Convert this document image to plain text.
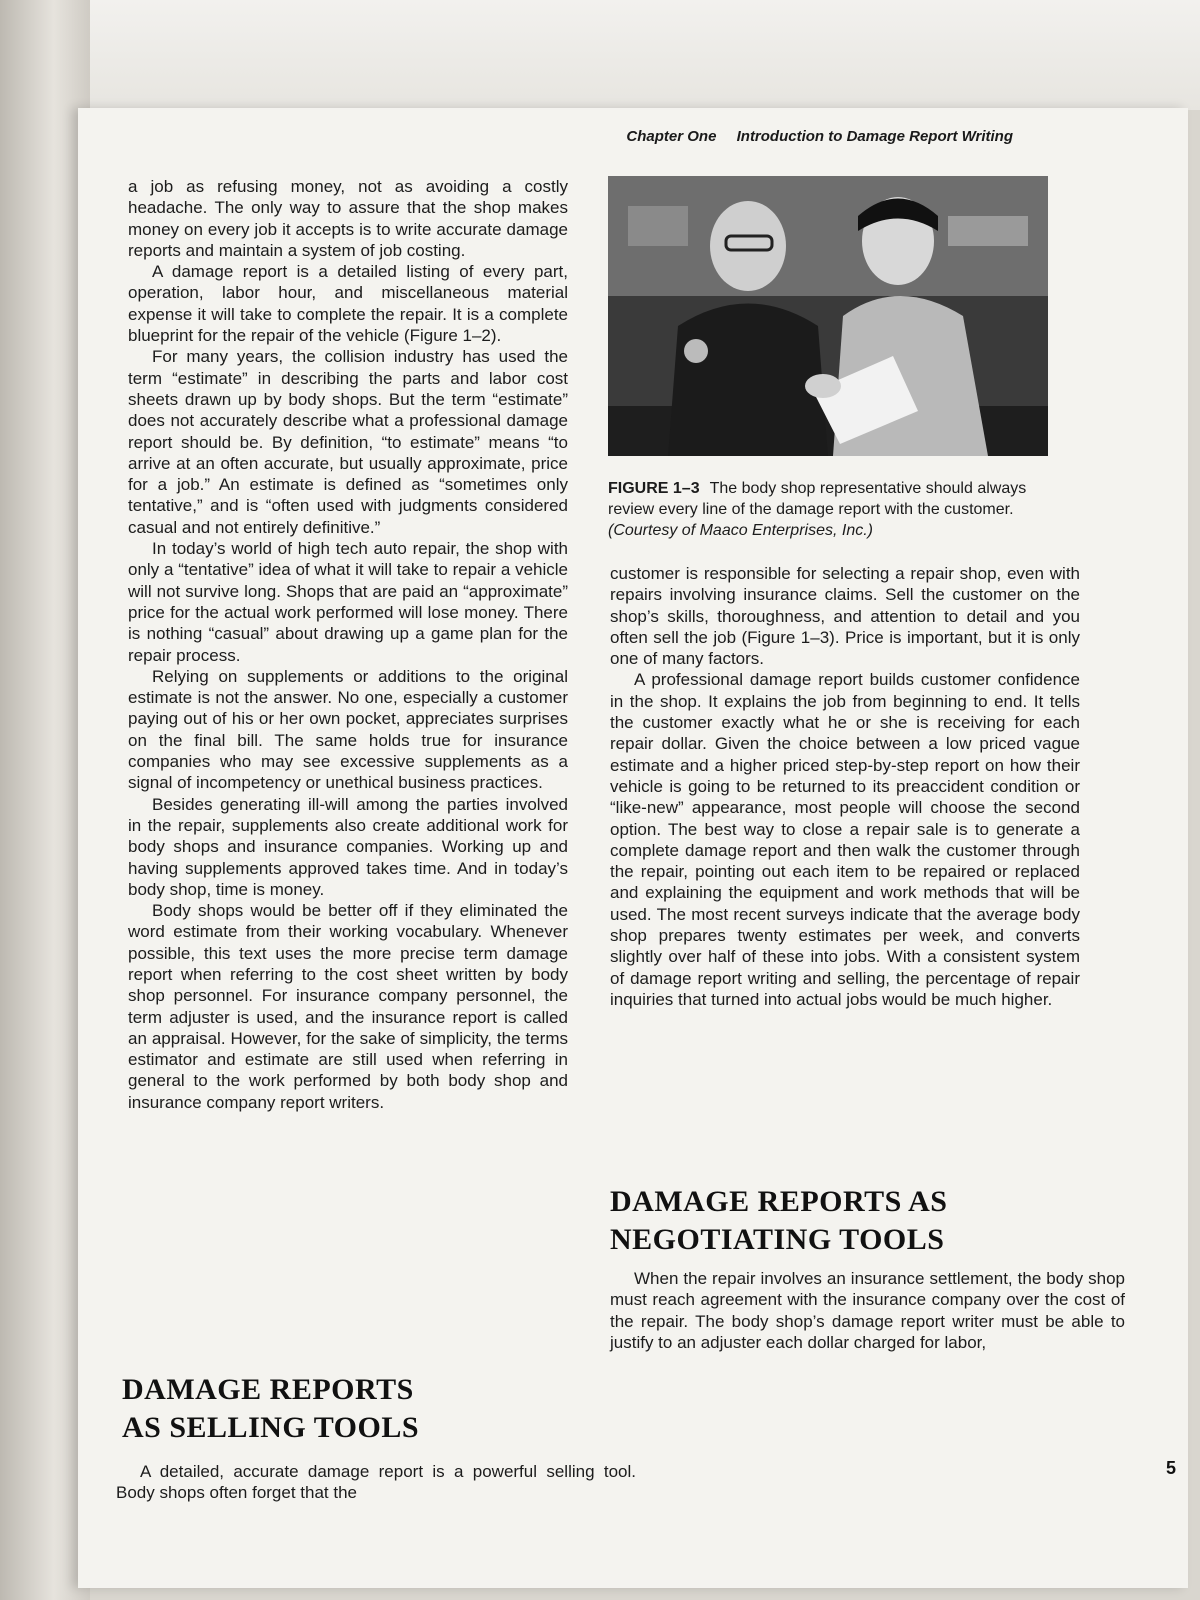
Chapter One Introduction to Damage Report Writing

a job as refusing money, not as avoiding a costly headache. The only way to assure that the shop makes money on every job it accepts is to write accurate damage reports and maintain a system of job costing.

A damage report is a detailed listing of every part, operation, labor hour, and miscellaneous material expense it will take to complete the repair. It is a complete blueprint for the repair of the vehicle (Figure 1–2).

For many years, the collision industry has used the term “estimate” in describing the parts and labor cost sheets drawn up by body shops. But the term “estimate” does not accurately describe what a professional damage report should be. By definition, “to estimate” means “to arrive at an often accurate, but usually approximate, price for a job.” An estimate is defined as “sometimes only tentative,” and is “often used with judgments considered casual and not entirely definitive.”

In today’s world of high tech auto repair, the shop with only a “tentative” idea of what it will take to repair a vehicle will not survive long. Shops that are paid an “approximate” price for the actual work performed will lose money. There is nothing “casual” about drawing up a game plan for the repair process.

Relying on supplements or additions to the original estimate is not the answer. No one, especially a customer paying out of his or her own pocket, appreciates surprises on the final bill. The same holds true for insurance companies who may see excessive supplements as a signal of incompetency or unethical business practices.

Besides generating ill-will among the parties involved in the repair, supplements also create additional work for body shops and insurance companies. Working up and having supplements approved takes time. And in today’s body shop, time is money.

Body shops would be better off if they eliminated the word estimate from their working vocabulary. Whenever possible, this text uses the more precise term damage report when referring to the cost sheet written by body shop personnel. For insurance company personnel, the term adjuster is used, and the insurance report is called an appraisal. However, for the sake of simplicity, the terms estimator and estimate are still used when referring in general to the work performed by both body shop and insurance company report writers.

DAMAGE REPORTS
AS SELLING TOOLS

A detailed, accurate damage report is a powerful selling tool. Body shops often forget that the

FIGURE 1–3 The body shop representative should always review every line of the damage report with the customer. (Courtesy of Maaco Enterprises, Inc.)

customer is responsible for selecting a repair shop, even with repairs involving insurance claims. Sell the customer on the shop’s skills, thoroughness, and attention to detail and you often sell the job (Figure 1–3). Price is important, but it is only one of many factors.

A professional damage report builds customer confidence in the shop. It explains the job from beginning to end. It tells the customer exactly what he or she is receiving for each repair dollar. Given the choice between a low priced vague estimate and a higher priced step-by-step report on how their vehicle is going to be returned to its preaccident condition or “like-new” appearance, most people will choose the second option. The best way to close a repair sale is to generate a complete damage report and then walk the customer through the repair, pointing out each item to be repaired or replaced and explaining the equipment and work methods that will be used. The most recent surveys indicate that the average body shop prepares twenty estimates per week, and converts slightly over half of these into jobs. With a consistent system of damage report writing and selling, the percentage of repair inquiries that turned into actual jobs would be much higher.

DAMAGE REPORTS AS
NEGOTIATING TOOLS

When the repair involves an insurance settlement, the body shop must reach agreement with the insurance company over the cost of the repair. The body shop’s damage report writer must be able to justify to an adjuster each dollar charged for labor,

5
